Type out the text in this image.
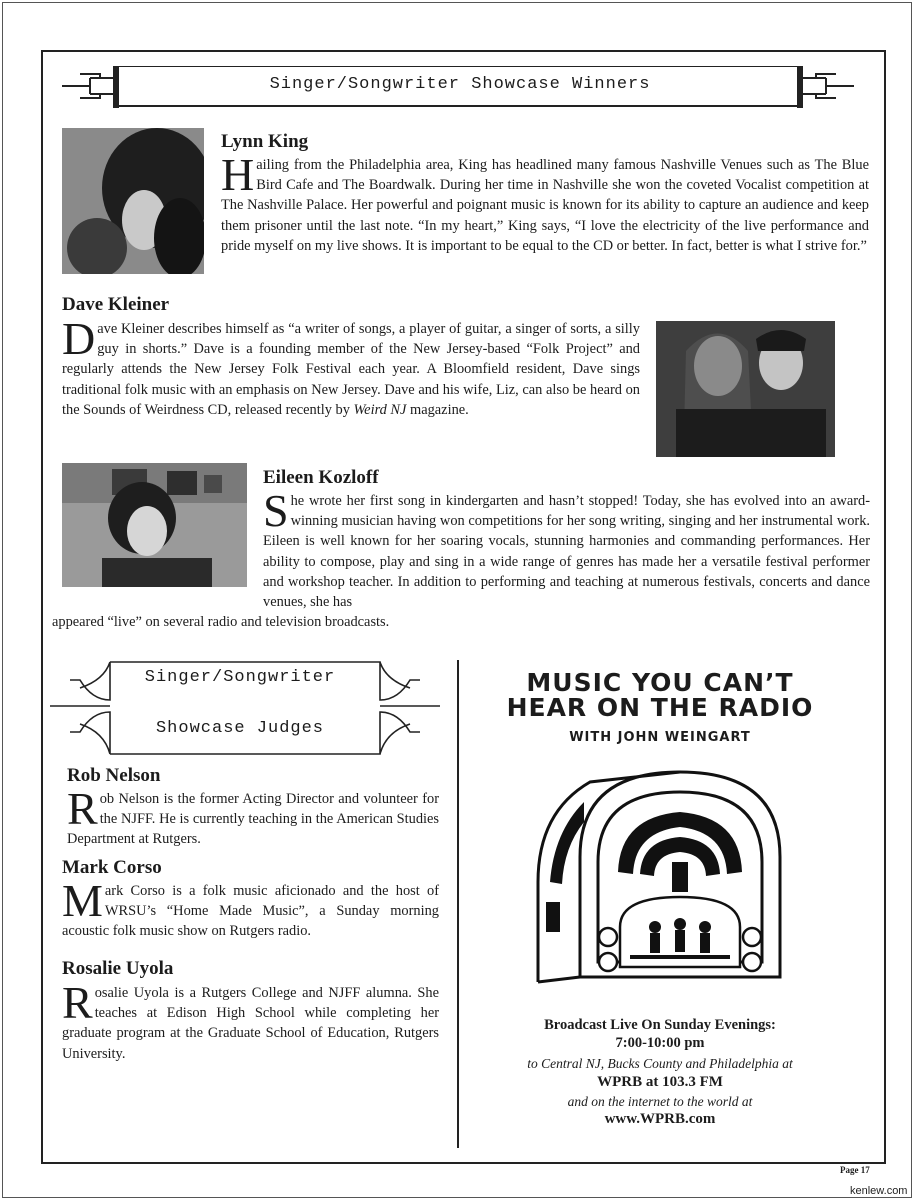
Singer/Songwriter Showcase Winners
Lynn King
Hailing from the Philadelphia area, King has headlined many famous Nashville Venues such as The Blue Bird Cafe and The Boardwalk. During her time in Nashville she won the coveted Vocalist competition at The Nashville Palace. Her powerful and poignant music is known for its ability to capture an audience and keep them prisoner until the last note. “In my heart,” King says, “I love the electricity of the live performance and pride myself on my live shows. It is important to be equal to the CD or better. In fact, better is what I strive for.”
Dave Kleiner
Dave Kleiner describes himself as “a writer of songs, a player of guitar, a singer of sorts, a silly guy in shorts.” Dave is a founding member of the New Jersey-based “Folk Project” and regularly attends the New Jersey Folk Festival each year. A Bloomfield resident, Dave sings traditional folk music with an emphasis on New Jersey. Dave and his wife, Liz, can also be heard on the Sounds of Weirdness CD, released recently by Weird NJ magazine.
Eileen Kozloff
She wrote her first song in kindergarten and hasn’t stopped! Today, she has evolved into an award-winning musician having won competitions for her song writing, singing and her instrumental work. Eileen is well known for her soaring vocals, stunning harmonies and commanding performances. Her ability to compose, play and sing in a wide range of genres has made her a versatile festival performer and workshop teacher. In addition to performing and teaching at numerous festivals, concerts and dance venues, she has
appeared “live” on several radio and television broadcasts.
Singer/Songwriter
Showcase Judges
Rob Nelson
Rob Nelson is the former Acting Director and volunteer for the NJFF. He is currently teaching in the American Studies Department at Rutgers.
Mark Corso
Mark Corso is a folk music aficionado and the host of WRSU’s “Home Made Music”, a Sunday morning acoustic folk music show on Rutgers radio.
Rosalie Uyola
Rosalie Uyola is a Rutgers College and NJFF alumna. She teaches at Edison High School while completing her graduate program at the Graduate School of Education, Rutgers University.
MUSIC YOU CAN’T
HEAR ON THE RADIO
WITH JOHN WEINGART
Broadcast Live On Sunday Evenings:
7:00-10:00 pm
to Central NJ, Bucks County and Philadelphia at
WPRB at 103.3 FM
and on the internet to the world at
www.WPRB.com
Page 17
kenlew.com
